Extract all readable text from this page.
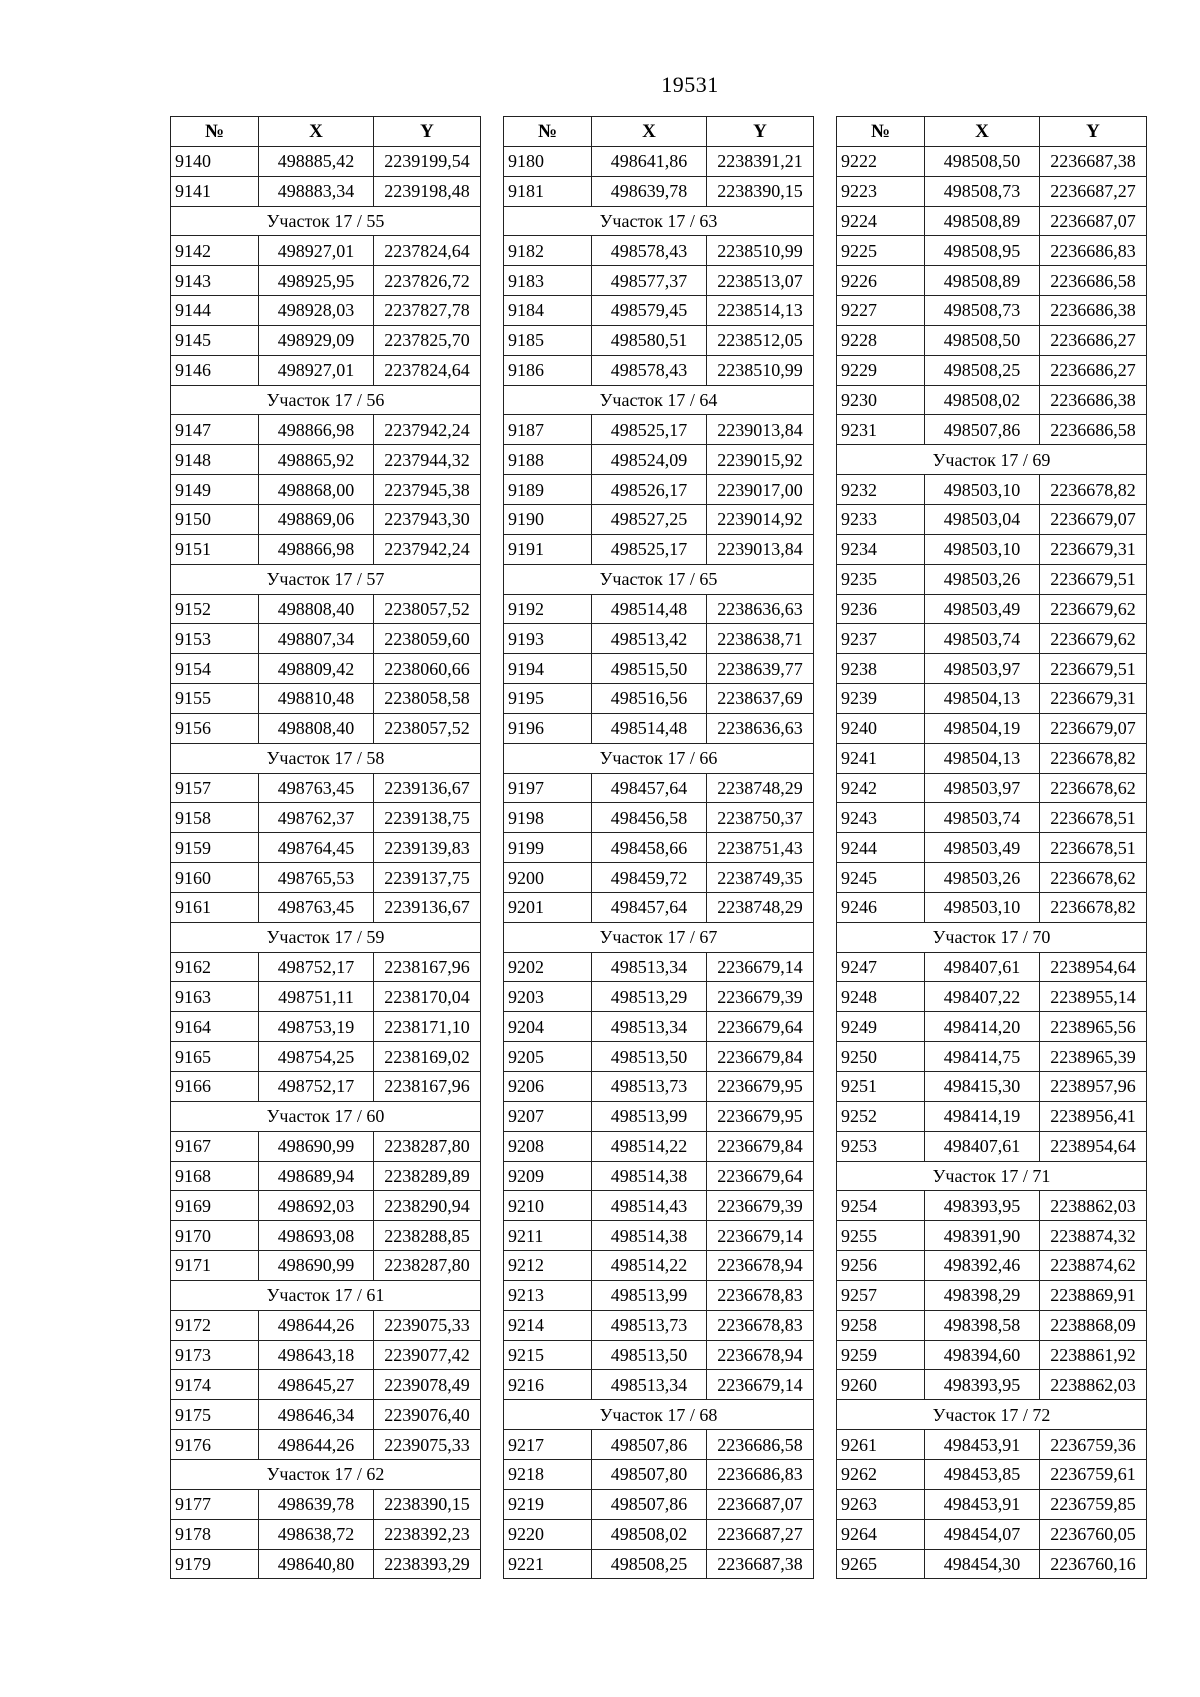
19531
№	X	Y
9140	498885,42	2239199,54
9141	498883,34	2239198,48
Участок 17 / 55		
9142	498927,01	2237824,64
9143	498925,95	2237826,72
9144	498928,03	2237827,78
9145	498929,09	2237825,70
9146	498927,01	2237824,64
Участок 17 / 56		
9147	498866,98	2237942,24
9148	498865,92	2237944,32
9149	498868,00	2237945,38
9150	498869,06	2237943,30
9151	498866,98	2237942,24
Участок 17 / 57		
9152	498808,40	2238057,52
9153	498807,34	2238059,60
9154	498809,42	2238060,66
9155	498810,48	2238058,58
9156	498808,40	2238057,52
Участок 17 / 58		
9157	498763,45	2239136,67
9158	498762,37	2239138,75
9159	498764,45	2239139,83
9160	498765,53	2239137,75
9161	498763,45	2239136,67
Участок 17 / 59		
9162	498752,17	2238167,96
9163	498751,11	2238170,04
9164	498753,19	2238171,10
9165	498754,25	2238169,02
9166	498752,17	2238167,96
Участок 17 / 60		
9167	498690,99	2238287,80
9168	498689,94	2238289,89
9169	498692,03	2238290,94
9170	498693,08	2238288,85
9171	498690,99	2238287,80
Участок 17 / 61		
9172	498644,26	2239075,33
9173	498643,18	2239077,42
9174	498645,27	2239078,49
9175	498646,34	2239076,40
9176	498644,26	2239075,33
Участок 17 / 62		
9177	498639,78	2238390,15
9178	498638,72	2238392,23
9179	498640,80	2238393,29
№	X	Y
9180	498641,86	2238391,21
9181	498639,78	2238390,15
Участок 17 / 63		
9182	498578,43	2238510,99
9183	498577,37	2238513,07
9184	498579,45	2238514,13
9185	498580,51	2238512,05
9186	498578,43	2238510,99
Участок 17 / 64		
9187	498525,17	2239013,84
9188	498524,09	2239015,92
9189	498526,17	2239017,00
9190	498527,25	2239014,92
9191	498525,17	2239013,84
Участок 17 / 65		
9192	498514,48	2238636,63
9193	498513,42	2238638,71
9194	498515,50	2238639,77
9195	498516,56	2238637,69
9196	498514,48	2238636,63
Участок 17 / 66		
9197	498457,64	2238748,29
9198	498456,58	2238750,37
9199	498458,66	2238751,43
9200	498459,72	2238749,35
9201	498457,64	2238748,29
Участок 17 / 67		
9202	498513,34	2236679,14
9203	498513,29	2236679,39
9204	498513,34	2236679,64
9205	498513,50	2236679,84
9206	498513,73	2236679,95
9207	498513,99	2236679,95
9208	498514,22	2236679,84
9209	498514,38	2236679,64
9210	498514,43	2236679,39
9211	498514,38	2236679,14
9212	498514,22	2236678,94
9213	498513,99	2236678,83
9214	498513,73	2236678,83
9215	498513,50	2236678,94
9216	498513,34	2236679,14
Участок 17 / 68		
9217	498507,86	2236686,58
9218	498507,80	2236686,83
9219	498507,86	2236687,07
9220	498508,02	2236687,27
9221	498508,25	2236687,38
№	X	Y
9222	498508,50	2236687,38
9223	498508,73	2236687,27
9224	498508,89	2236687,07
9225	498508,95	2236686,83
9226	498508,89	2236686,58
9227	498508,73	2236686,38
9228	498508,50	2236686,27
9229	498508,25	2236686,27
9230	498508,02	2236686,38
9231	498507,86	2236686,58
Участок 17 / 69		
9232	498503,10	2236678,82
9233	498503,04	2236679,07
9234	498503,10	2236679,31
9235	498503,26	2236679,51
9236	498503,49	2236679,62
9237	498503,74	2236679,62
9238	498503,97	2236679,51
9239	498504,13	2236679,31
9240	498504,19	2236679,07
9241	498504,13	2236678,82
9242	498503,97	2236678,62
9243	498503,74	2236678,51
9244	498503,49	2236678,51
9245	498503,26	2236678,62
9246	498503,10	2236678,82
Участок 17 / 70		
9247	498407,61	2238954,64
9248	498407,22	2238955,14
9249	498414,20	2238965,56
9250	498414,75	2238965,39
9251	498415,30	2238957,96
9252	498414,19	2238956,41
9253	498407,61	2238954,64
Участок 17 / 71		
9254	498393,95	2238862,03
9255	498391,90	2238874,32
9256	498392,46	2238874,62
9257	498398,29	2238869,91
9258	498398,58	2238868,09
9259	498394,60	2238861,92
9260	498393,95	2238862,03
Участок 17 / 72		
9261	498453,91	2236759,36
9262	498453,85	2236759,61
9263	498453,91	2236759,85
9264	498454,07	2236760,05
9265	498454,30	2236760,16
